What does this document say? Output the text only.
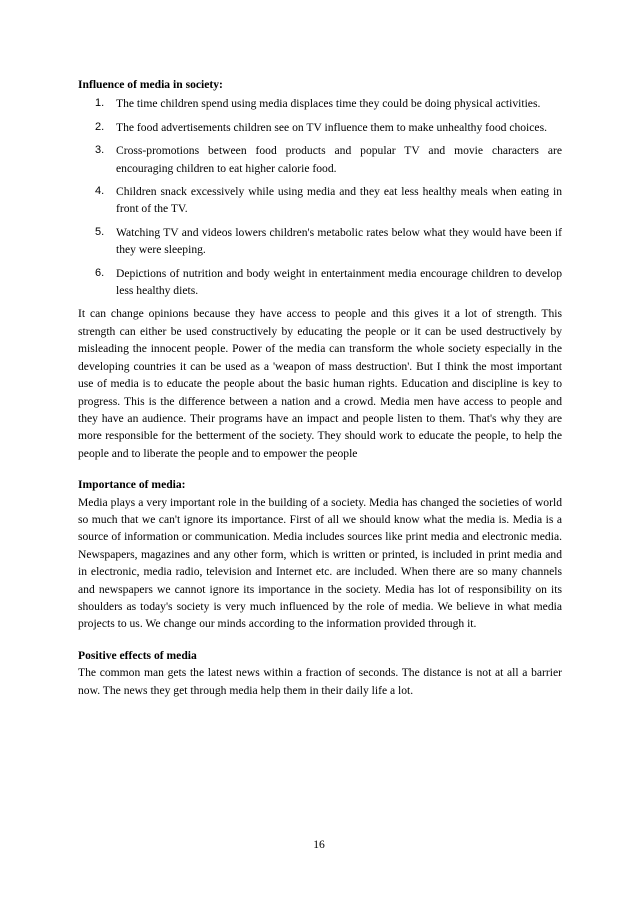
Influence of media in society:

1. The time children spend using media displaces time they could be doing physical activities.
2. The food advertisements children see on TV influence them to make unhealthy food choices.
3. Cross-promotions between food products and popular TV and movie characters are encouraging children to eat higher calorie food.
4. Children snack excessively while using media and they eat less healthy meals when eating in front of the TV.
5. Watching TV and videos lowers children's metabolic rates below what they would have been if they were sleeping.
6. Depictions of nutrition and body weight in entertainment media encourage children to develop less healthy diets.

It can change opinions because they have access to people and this gives it a lot of strength. This strength can either be used constructively by educating the people or it can be used destructively by misleading the innocent people. Power of the media can transform the whole society especially in the developing countries it can be used as a 'weapon of mass destruction'. But I think the most important use of media is to educate the people about the basic human rights. Education and discipline is key to progress. This is the difference between a nation and a crowd. Media men have access to people and they have an audience. Their programs have an impact and people listen to them. That's why they are more responsible for the betterment of the society. They should work to educate the people, to help the people and to liberate the people and to empower the people

Importance of media:

Media plays a very important role in the building of a society. Media has changed the societies of world so much that we can't ignore its importance. First of all we should know what the media is. Media is a source of information or communication. Media includes sources like print media and electronic media. Newspapers, magazines and any other form, which is written or printed, is included in print media and in electronic, media radio, television and Internet etc. are included. When there are so many channels and newspapers we cannot ignore its importance in the society. Media has lot of responsibility on its shoulders as today's society is very much influenced by the role of media. We believe in what media projects to us. We change our minds according to the information provided through it.

Positive effects of media

The common man gets the latest news within a fraction of seconds. The distance is not at all a barrier now. The news they get through media help them in their daily life a lot.

16
